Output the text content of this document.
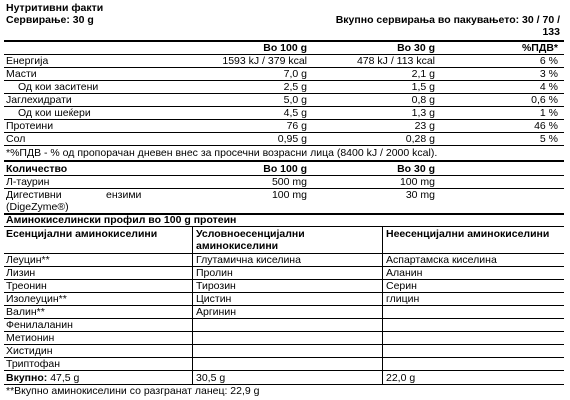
Нутритивни факти
Сервирање: 30 g	Вкупно сервирања во пакувањето: 30 / 70 /
133
Во 100 g	Во 30 g	%ПДВ*
Енергија	1593 kJ / 379 kcal	478 kJ / 113 kcal	6 %
Масти	7,0 g	2,1 g	3 %
Од кои заситени	2,5 g	1,5 g	4 %
Јаглехидрати	5,0 g	0,8 g	0,6 %
Од кои шеќери	4,5 g	1,3 g	1 %
Протеини	76 g	23 g	46 %
Сол	0,95 g	0,28 g	5 %
*%ПДВ - % од пропорачан дневен внес за просечни возрасни лица (8400 kJ / 2000 kcal).
Количество	Во 100 g	Во 30 g
Л-таурин	500 mg	100 mg
Дигестивни	ензими
(DigeZyme®)
100 mg	30 mg
Аминокиселински профил во 100 g протеин
Есенцијални аминокиселини	Условноесенцијални
аминокиселини
Неесенцијални аминокиселини
Леуцин**	Глутамична киселина	Аспартамска киселина
Лизин	Пролин	Аланин
Треонин	Тирозин	Серин
Изолеуцин**	Цистин	глицин
Валин**	Аргинин
Фенилаланин
Метионин
Хистидин
Триптофан
Вкупно: 47,5 g	30,5 g	22,0 g
**Вкупно аминокиселини со разгранат ланец: 22,9 g
